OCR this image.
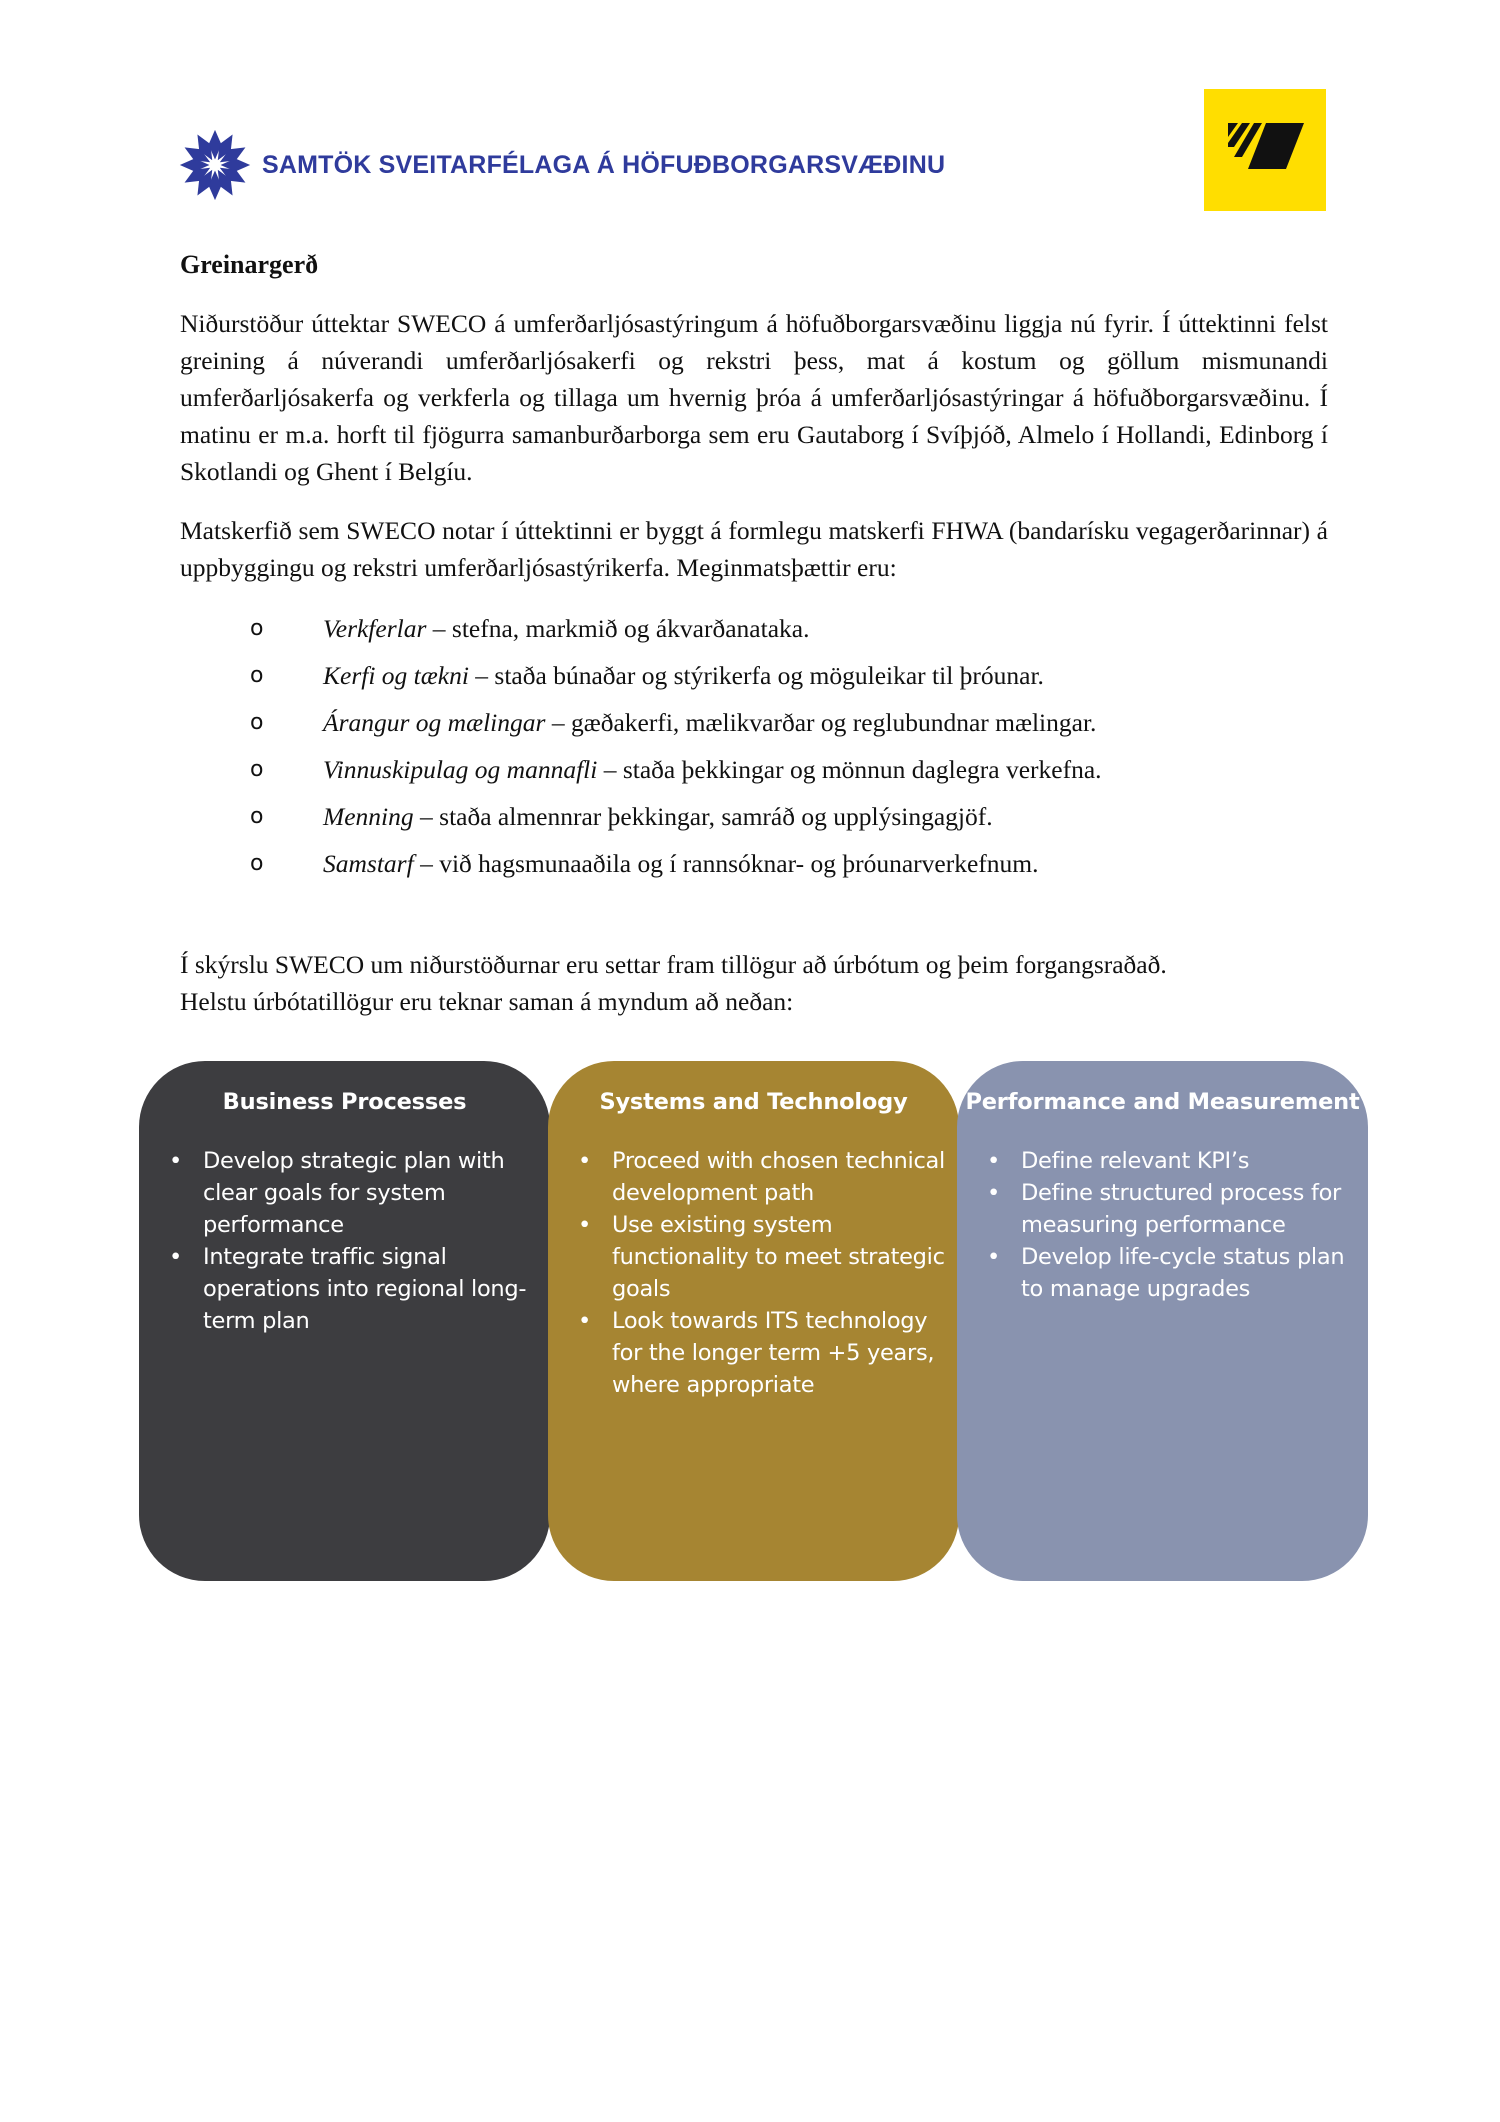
SAMTÖK SVEITARFÉLAGA Á HÖFUÐBORGARSVÆÐINU
Greinargerð

Niðurstöður úttektar SWECO á umferðarljósastýringum á höfuðborgarsvæðinu liggja nú fyrir. Í úttektinni felst greining á núverandi umferðarljósakerfi og rekstri þess, mat á kostum og göllum mismunandi umferðarljósakerfa og verkferla og tillaga um hvernig þróa á umferðarljósastýringar á höfuðborgarsvæðinu. Í matinu er m.a. horft til fjögurra samanburðarborga sem eru Gautaborg í Svíþjóð, Almelo í Hollandi, Edinborg í Skotlandi og Ghent í Belgíu.

Matskerfið sem SWECO notar í úttektinni er byggt á formlegu matskerfi FHWA (bandarísku vegagerðarinnar) á uppbyggingu og rekstri umferðarljósastýrikerfa. Meginmatsþættir eru:

o Verkferlar – stefna, markmið og ákvarðanataka.
o Kerfi og tækni – staða búnaðar og stýrikerfa og möguleikar til þróunar.
o Árangur og mælingar – gæðakerfi, mælikvarðar og reglubundnar mælingar.
o Vinnuskipulag og mannafli – staða þekkingar og mönnun daglegra verkefna.
o Menning – staða almennrar þekkingar, samráð og upplýsingagjöf.
o Samstarf – við hagsmunaaðila og í rannsóknar- og þróunarverkefnum.
Í skýrslu SWECO um niðurstöðurnar eru settar fram tillögur að úrbótum og þeim forgangsraðað.
Helstu úrbótatillögur eru teknar saman á myndum að neðan:
Business Processes
• Develop strategic plan with clear goals for system performance
• Integrate traffic signal operations into regional long-term plan
Systems and Technology
• Proceed with chosen technical development path
• Use existing system functionality to meet strategic goals
• Look towards ITS technology for the longer term +5 years, where appropriate
Performance and Measurement
• Define relevant KPI’s
• Define structured process for measuring performance
• Develop life-cycle status plan to manage upgrades
